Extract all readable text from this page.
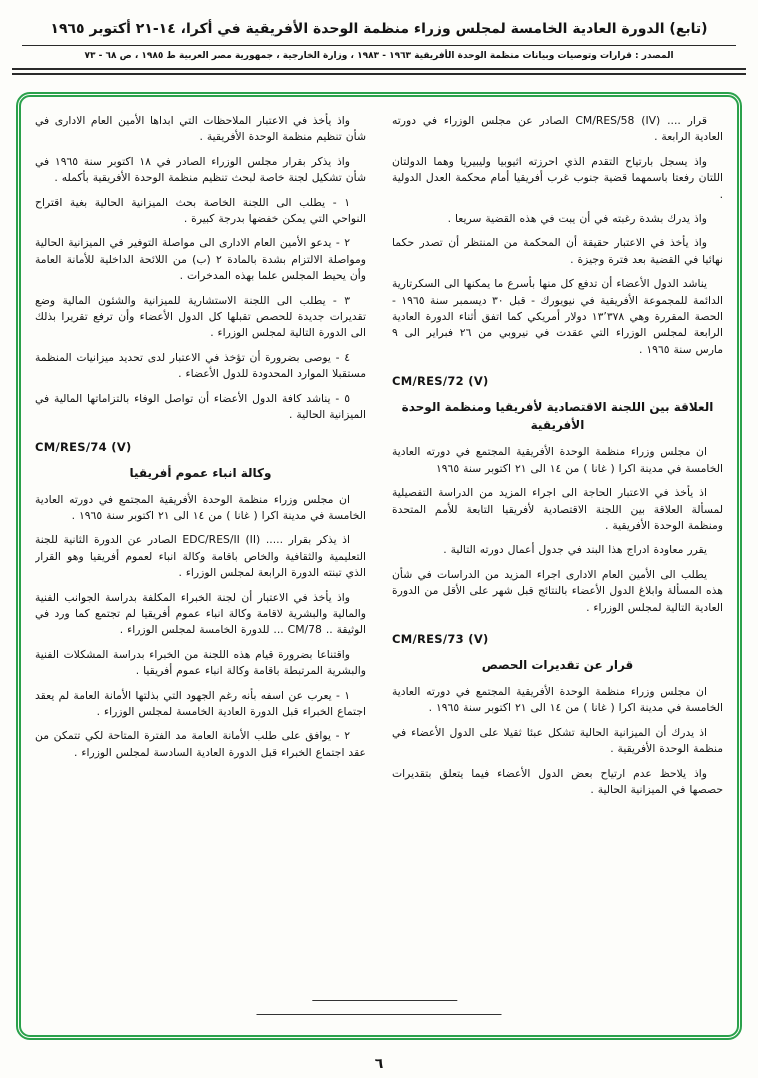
(تابع) الدورة العادية الخامسة لمجلس وزراء منظمة الوحدة الأفريقية في أكرا، ١٤-٢١ أكتوبر ١٩٦٥
المصدر : قرارات وتوصيات وبيانات منظمة الوحدة الأفريقية ١٩٦٣ - ١٩٨٣ ، وزارة الخارجية ، جمهورية مصر العربية ط ١٩٨٥ ، ص ٦٨ - ٧٣
قرار .... CM/RES/58 (IV) الصادر عن مجلس الوزراء في دورته العادية الرابعة .
واذ يسجل بارتياح التقدم الذي احرزته اثيوبيا وليبيريا وهما الدولتان اللتان رفعتا باسمهما قضية جنوب غرب أفريقيا أمام محكمة العدل الدولية .
واذ يدرك بشدة رغبته في أن يبت في هذه القضية سريعا .
واذ يأخذ في الاعتبار حقيقة أن المحكمة من المنتظر أن تصدر حكما نهائيا في القضية بعد فترة وجيزة .
يناشد الدول الأعضاء أن تدفع كل منها بأسرع ما يمكنها الى السكرتارية الدائمة للمجموعة الأفريقية في نيويورك - قبل ٣٠ ديسمبر سنة ١٩٦٥ - الحصة المقررة وهي ١٣٬٣٧٨ دولار أمريكي كما اتفق أثناء الدورة العادية الرابعة لمجلس الوزراء التي عقدت في نيروبي من ٢٦ فبراير الى ٩ مارس سنة ١٩٦٥ .
CM/RES/72 (V)
العلاقة بين اللجنة الاقتصادية لأفريقيا ومنظمة الوحدة الأفريقية
ان مجلس وزراء منظمة الوحدة الأفريقية المجتمع في دورته العادية الخامسة في مدينة اكرا ( غانا ) من ١٤ الى ٢١ اكتوبر سنة ١٩٦٥
اذ يأخذ في الاعتبار الحاجة الى اجراء المزيد من الدراسة التفصيلية لمسألة العلاقة بين اللجنة الاقتصادية لأفريقيا التابعة للأمم المتحدة ومنظمة الوحدة الأفريقية .
يقرر معاودة ادراج هذا البند في جدول أعمال دورته التالية .
يطلب الى الأمين العام الادارى اجراء المزيد من الدراسات في شأن هذه المسألة وابلاغ الدول الأعضاء بالنتائج قبل شهر على الأقل من الدورة العادية التالية لمجلس الوزراء .
CM/RES/73 (V)
قرار عن تقديرات الحصص
ان مجلس وزراء منظمة الوحدة الأفريقية المجتمع في دورته العادية الخامسة في مدينة اكرا ( غانا ) من ١٤ الى ٢١ اكتوبر سنة ١٩٦٥ .
اذ يدرك أن الميزانية الحالية تشكل عبئا ثقيلا على الدول الأعضاء في منظمة الوحدة الأفريقية .
واذ يلاحظ عدم ارتياح بعض الدول الأعضاء فيما يتعلق بتقديرات حصصها في الميزانية الحالية .
واذ يأخذ في الاعتبار الملاحظات التي ابداها الأمين العام الادارى في شأن تنظيم منظمة الوحدة الأفريقية .
واذ يذكر بقرار مجلس الوزراء الصادر في ١٨ اكتوبر سنة ١٩٦٥ في شأن تشكيل لجنة خاصة لبحث تنظيم منظمة الوحدة الأفريقية بأكمله .
١ - يطلب الى اللجنة الخاصة بحث الميزانية الحالية بغية اقتراح النواحي التي يمكن خفضها بدرجة كبيرة .
٢ - يدعو الأمين العام الادارى الى مواصلة التوفير في الميزانية الحالية ومواصلة الالتزام بشدة بالمادة ٢ (ب) من اللائحة الداخلية للأمانة العامة وأن يحيط المجلس علما بهذه المدخرات .
٣ - يطلب الى اللجنة الاستشارية للميزانية والشئون المالية وضع تقديرات جديدة للحصص تقبلها كل الدول الأعضاء وأن ترفع تقريرا بذلك الى الدورة التالية لمجلس الوزراء .
٤ - يوصى بضرورة أن تؤخذ في الاعتبار لدى تحديد ميزانيات المنظمة مستقبلا الموارد المحدودة للدول الأعضاء .
٥ - يناشد كافة الدول الأعضاء أن تواصل الوفاء بالتزاماتها المالية في الميزانية الحالية .
CM/RES/74 (V)
وكالة انباء عموم أفريقيا
ان مجلس وزراء منظمة الوحدة الأفريقية المجتمع في دورته العادية الخامسة في مدينة اكرا ( غانا ) من ١٤ الى ٢١ اكتوبر سنة ١٩٦٥ .
اذ يذكر بقرار ..... EDC/RES/II (II) الصادر عن الدورة الثانية للجنة التعليمية والثقافية والخاص باقامة وكالة انباء لعموم أفريقيا وهو القرار الذي تبنته الدورة الرابعة لمجلس الوزراء .
واذ يأخذ في الاعتبار أن لجنة الخبراء المكلفة بدراسة الجوانب الفنية والمالية والبشرية لاقامة وكالة انباء عموم أفريقيا لم تجتمع كما ورد في الوثيقة .. CM/78 ... للدورة الخامسة لمجلس الوزراء .
واقتناعا بضرورة قيام هذه اللجنة من الخبراء بدراسة المشكلات الفنية والبشرية المرتبطة باقامة وكالة انباء عموم أفريقيا .
١ - يعرب عن اسفه بأنه رغم الجهود التي بذلتها الأمانة العامة لم يعقد اجتماع الخبراء قبل الدورة العادية الخامسة لمجلس الوزراء .
٢ - يوافق على طلب الأمانة العامة مد الفترة المتاحة لكي تتمكن من عقد اجتماع الخبراء قبل الدورة العادية السادسة لمجلس الوزراء .
٦
